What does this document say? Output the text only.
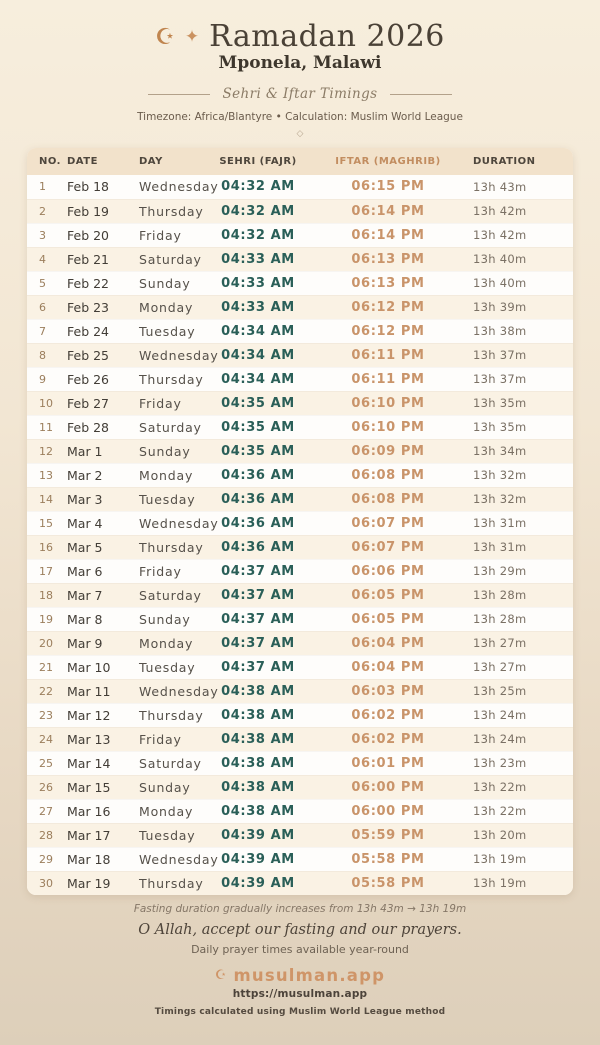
☪ ✦ Ramadan 2026
Mponela, Malawi
Sehri & Iftar Timings
Timezone: Africa/Blantyre • Calculation: Muslim World League
◇
NO.	DATE	DAY	SEHRI (FAJR)	IFTAR (MAGHRIB)	DURATION
1	Feb 18	Wednesday	04:32 AM	06:15 PM	13h 43m
2	Feb 19	Thursday	04:32 AM	06:14 PM	13h 42m
3	Feb 20	Friday	04:32 AM	06:14 PM	13h 42m
4	Feb 21	Saturday	04:33 AM	06:13 PM	13h 40m
5	Feb 22	Sunday	04:33 AM	06:13 PM	13h 40m
6	Feb 23	Monday	04:33 AM	06:12 PM	13h 39m
7	Feb 24	Tuesday	04:34 AM	06:12 PM	13h 38m
8	Feb 25	Wednesday	04:34 AM	06:11 PM	13h 37m
9	Feb 26	Thursday	04:34 AM	06:11 PM	13h 37m
10	Feb 27	Friday	04:35 AM	06:10 PM	13h 35m
11	Feb 28	Saturday	04:35 AM	06:10 PM	13h 35m
12	Mar 1	Sunday	04:35 AM	06:09 PM	13h 34m
13	Mar 2	Monday	04:36 AM	06:08 PM	13h 32m
14	Mar 3	Tuesday	04:36 AM	06:08 PM	13h 32m
15	Mar 4	Wednesday	04:36 AM	06:07 PM	13h 31m
16	Mar 5	Thursday	04:36 AM	06:07 PM	13h 31m
17	Mar 6	Friday	04:37 AM	06:06 PM	13h 29m
18	Mar 7	Saturday	04:37 AM	06:05 PM	13h 28m
19	Mar 8	Sunday	04:37 AM	06:05 PM	13h 28m
20	Mar 9	Monday	04:37 AM	06:04 PM	13h 27m
21	Mar 10	Tuesday	04:37 AM	06:04 PM	13h 27m
22	Mar 11	Wednesday	04:38 AM	06:03 PM	13h 25m
23	Mar 12	Thursday	04:38 AM	06:02 PM	13h 24m
24	Mar 13	Friday	04:38 AM	06:02 PM	13h 24m
25	Mar 14	Saturday	04:38 AM	06:01 PM	13h 23m
26	Mar 15	Sunday	04:38 AM	06:00 PM	13h 22m
27	Mar 16	Monday	04:38 AM	06:00 PM	13h 22m
28	Mar 17	Tuesday	04:39 AM	05:59 PM	13h 20m
29	Mar 18	Wednesday	04:39 AM	05:58 PM	13h 19m
30	Mar 19	Thursday	04:39 AM	05:58 PM	13h 19m
Fasting duration gradually increases from 13h 43m → 13h 19m
O Allah, accept our fasting and our prayers.
Daily prayer times available year-round
☪ musulman.app
https://musulman.app
Timings calculated using Muslim World League method
